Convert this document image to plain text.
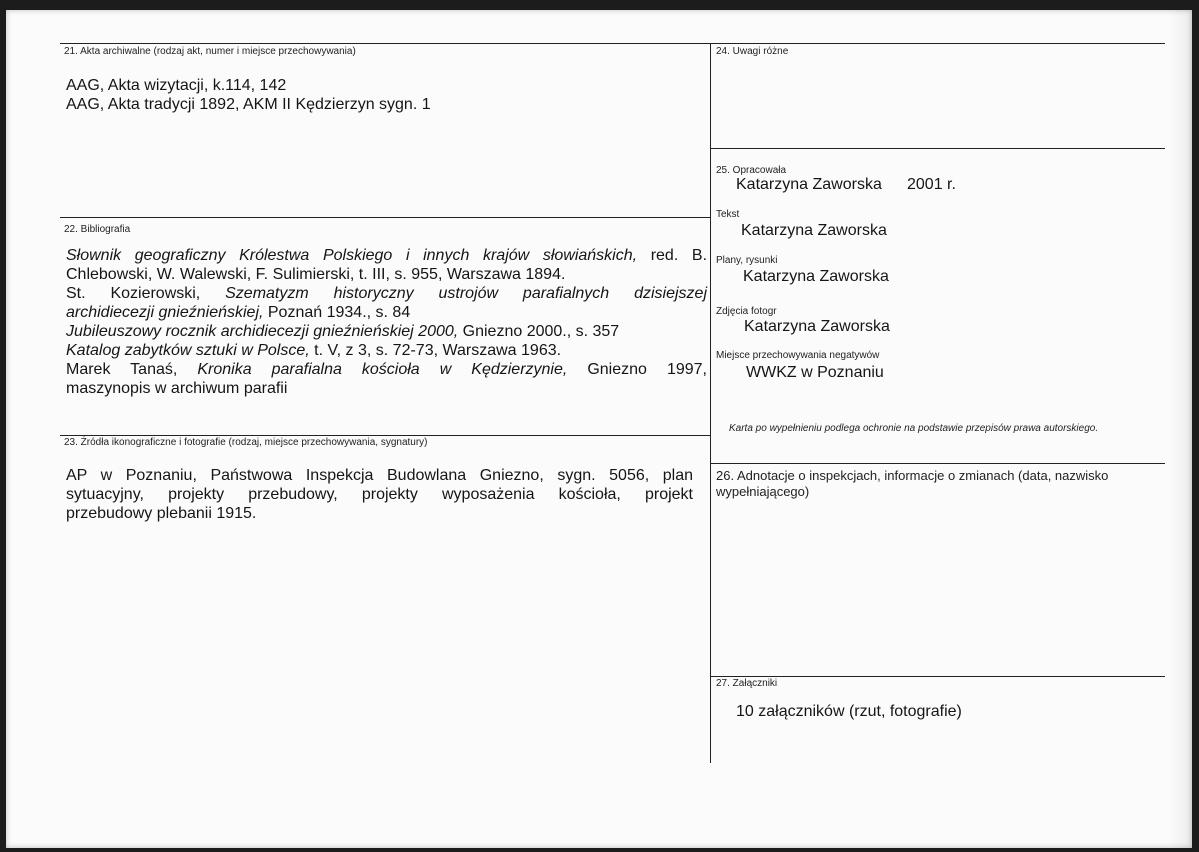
21. Akta archiwalne (rodzaj akt, numer i miejsce przechowywania)
AAG, Akta wizytacji, k.114, 142
AAG, Akta tradycji 1892, AKM II Kędzierzyn sygn. 1
22. Bibliografia
Słownik geograficzny Królestwa Polskiego i innych krajów słowiańskich, red. B.
Chlebowski, W. Walewski, F. Sulimierski, t. III, s. 955, Warszawa 1894.
St. Kozierowski, Szematyzm historyczny ustrojów parafialnych dzisiejszej
archidiecezji gnieźnieńskiej, Poznań 1934., s. 84
Jubileuszowy rocznik archidiecezji gnieźnieńskiej 2000, Gniezno 2000., s. 357
Katalog zabytków sztuki w Polsce, t. V, z 3, s. 72-73, Warszawa 1963.
Marek Tanaś, Kronika parafialna kościoła w Kędzierzynie, Gniezno 1997,
maszynopis w archiwum parafii
23. Źródła ikonograficzne i fotografie (rodzaj, miejsce przechowywania, sygnatury)
AP w Poznaniu, Państwowa Inspekcja Budowlana Gniezno, sygn. 5056, plan
sytuacyjny, projekty przebudowy, projekty wyposażenia kościoła, projekt
przebudowy plebanii 1915.
24. Uwagi różne
25. Opracowała
Katarzyna Zaworska 2001 r.
Tekst
Katarzyna Zaworska
Plany, rysunki
Katarzyna Zaworska
Zdjęcia fotogr
Katarzyna Zaworska
Miejsce przechowywania negatywów
WWKZ w Poznaniu
Karta po wypełnieniu podlega ochronie na podstawie przepisów prawa autorskiego.
26. Adnotacje o inspekcjach, informacje o zmianach (data, nazwisko
wypełniającego)
27. Załączniki
10 załączników (rzut, fotografie)
